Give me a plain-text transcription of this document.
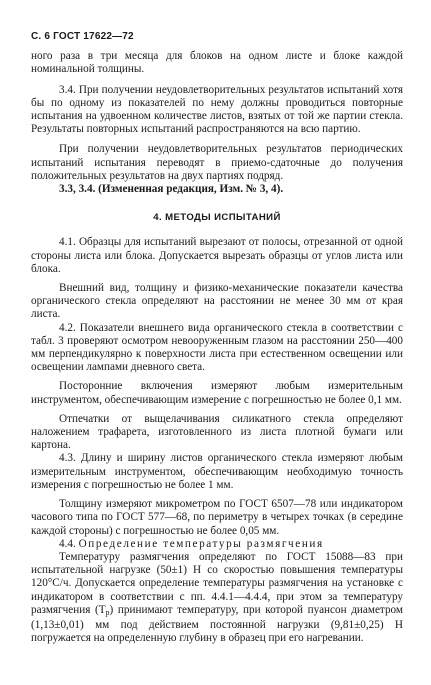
С. 6 ГОСТ 17622—72

ного раза в три месяца для блоков на одном листе и блоке каждой номинальной толщины.

3.4. При получении неудовлетворительных результатов испытаний хотя бы по одному из показателей по нему должны проводиться повторные испытания на удвоенном количестве листов, взятых от той же партии стекла. Результаты повторных испытаний распространяются на всю партию.

При получении неудовлетворительных результатов периодических испытаний испытания переводят в приемо-сдаточные до получения положительных результатов на двух партиях подряд.

3.3, 3.4. (Измененная редакция, Изм. № 3, 4).

4. МЕТОДЫ ИСПЫТАНИЙ

4.1. Образцы для испытаний вырезают от полосы, отрезанной от одной стороны листа или блока. Допускается вырезать образцы от углов листа или блока.

Внешний вид, толщину и физико-механические показатели качества органического стекла определяют на расстоянии не менее 30 мм от края листа.

4.2. Показатели внешнего вида органического стекла в соответствии с табл. 3 проверяют осмотром невооруженным глазом на расстоянии 250—400 мм перпендикулярно к поверхности листа при естественном освещении или освещении лампами дневного света.

Посторонние включения измеряют любым измерительным инструментом, обеспечивающим измерение с погрешностью не более 0,1 мм.

Отпечатки от выщелачивания силикатного стекла определяют наложением трафарета, изготовленного из листа плотной бумаги или картона.

4.3. Длину и ширину листов органического стекла измеряют любым измерительным инструментом, обеспечивающим необходимую точность измерения с погрешностью не более 1 мм.

Толщину измеряют микрометром по ГОСТ 6507—78 или индикатором часового типа по ГОСТ 577—68, по периметру в четырех точках (в середине каждой стороны) с погрешностью не более 0,05 мм.

4.4. Определение температуры размягчения

Температуру размягчения определяют по ГОСТ 15088—83 при испытательной нагрузке (50±1) Н со скоростью повышения температуры 120°С/ч. Допускается определение температуры размягчения на установке с индикатором в соответствии с пп. 4.4.1—4.4.4, при этом за температуру размягчения $(T_р)$ принимают температуру, при которой пуансон диаметром (1,13±0,01) мм под действием постоянной нагрузки (9,81±0,25) Н погружается на определенную глубину в образец при его нагревании.
